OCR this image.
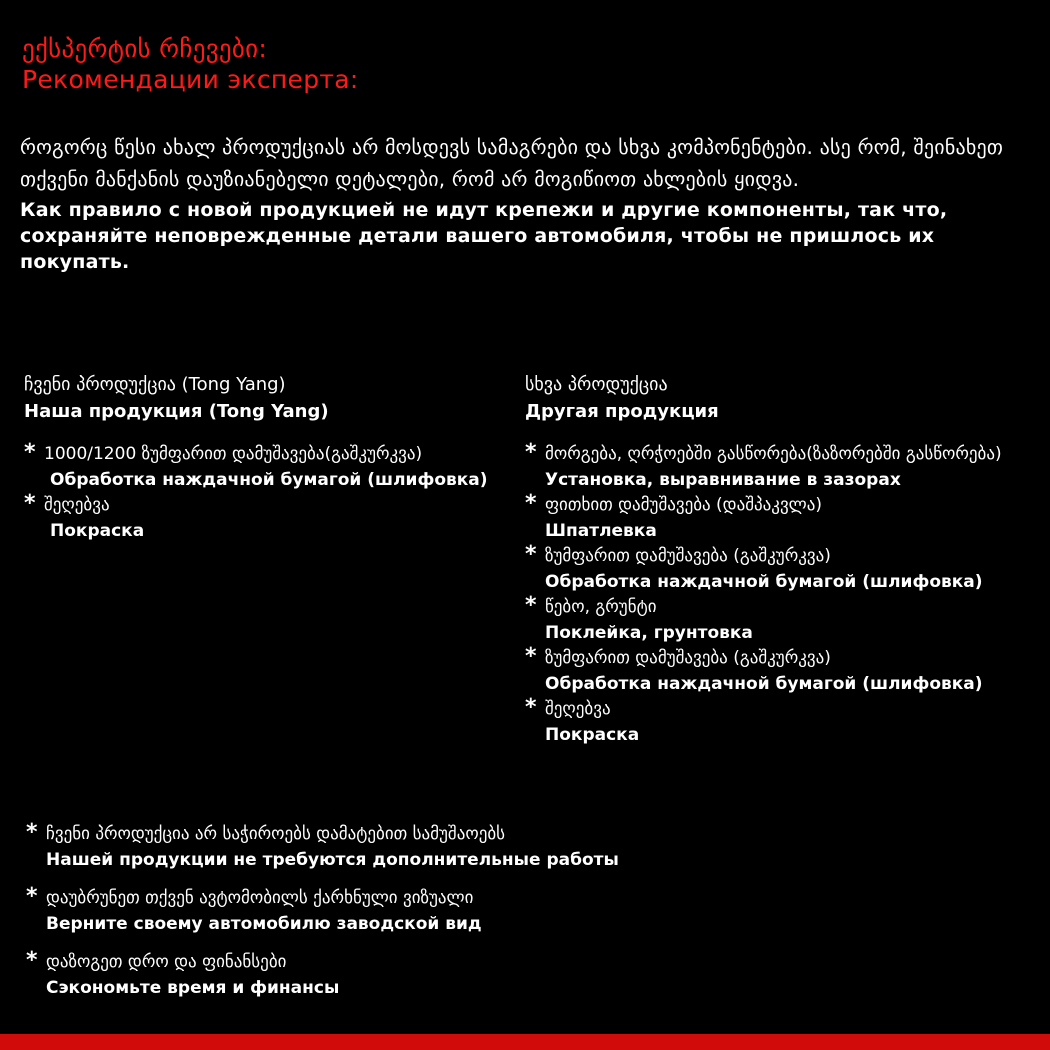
ექსპერტის რჩევები:
Рекомендации эксперта:
როგორც წესი ახალ პროდუქციას არ მოსდევს სამაგრები და სხვა კომპონენტები. ასე რომ, შეინახეთ თქვენი მანქანის დაუზიანებელი დეტალები, რომ არ მოგიწიოთ ახლების ყიდვა.
Как правило с новой продукцией не идут крепежи и другие компоненты, так что, сохраняйте неповрежденные детали вашего автомобиля, чтобы не пришлось их покупать.
ჩვენი პროდუქცია (Tong Yang)
Наша продукция (Tong Yang)
* 1000/1200 ზუმფარით დამუშავება(გაშკურკვა)
Обработка наждачной бумагой (шлифовка)
* შეღებვა
Покраска
სხვა პროდუქცია
Другая продукция
* მორგება, ღრჭოებში გასწორება(ზაზორებში გასწორება)
Установка, выравнивание в зазорах
* ფითხით დამუშავება (დაშპაკვლა)
Шпатлевка
* ზუმფარით დამუშავება (გაშკურკვა)
Обработка наждачной бумагой (шлифовка)
* წებო, გრუნტი
Поклейка, грунтовка
* ზუმფარით დამუშავება (გაშკურკვა)
Обработка наждачной бумагой (шлифовка)
* შეღებვა
Покраска
* ჩვენი პროდუქცია არ საჭიროებს დამატებით სამუშაოებს
Нашей продукции не требуются дополнительные работы
* დაუბრუნეთ თქვენ ავტომობილს ქარხნული ვიზუალი
Верните своему автомобилю заводской вид
* დაზოგეთ დრო და ფინანსები
Сэкономьте время и финансы
